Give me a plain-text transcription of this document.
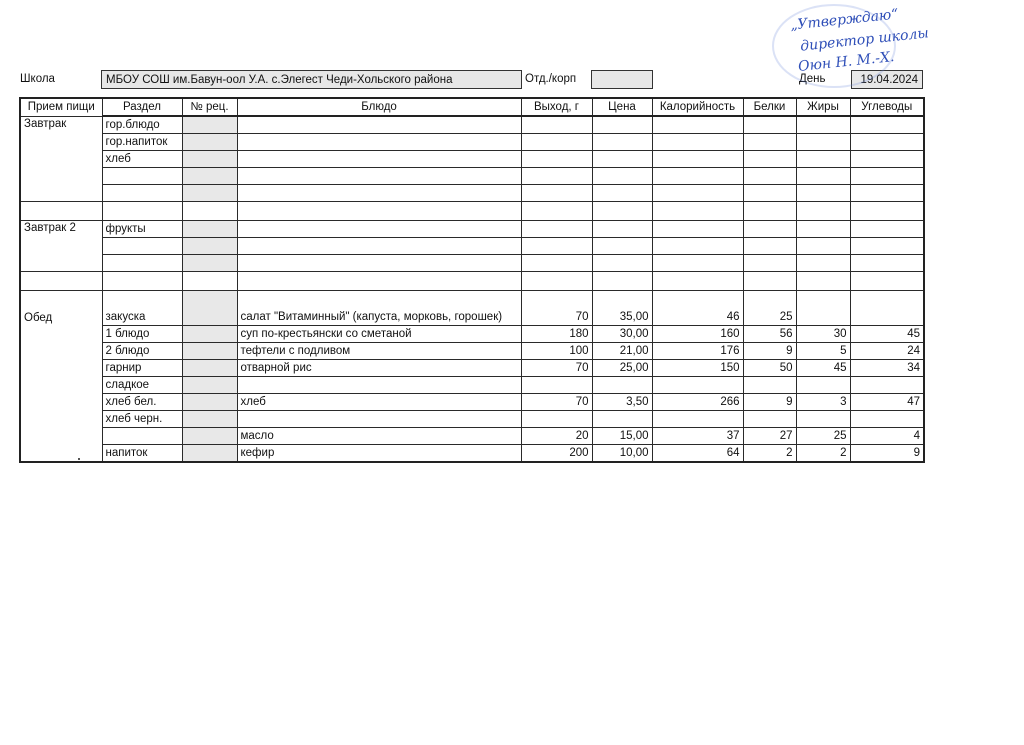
Школа	МБОУ СОШ им.Бавун-оол У.А. с.Элегест Чеди-Хольского района	Отд./корп	День	19.04.2024
„Утверждаю“
директор школы
Оюн Н. М.-Х.
Прием пищи	Раздел	№ рец.	Блюдо	Выход, г	Цена	Калорийность	Белки	Жиры	Углеводы
Завтрак	гор.блюдо								
	гор.напиток								
	хлеб								

Завтрак 2	фрукты								

Обед	закуска		салат "Витаминный" (капуста, морковь, горошек)	70	35,00	46	25		
	1 блюдо		суп по-крестьянски со сметаной	180	30,00	160	56	30	45
	2 блюдо		тефтели с подливом	100	21,00	176	9	5	24
	гарнир		отварной рис	70	25,00	150	50	45	34
	сладкое								
	хлеб бел.		хлеб	70	3,50	266	9	3	47
	хлеб черн.								
			масло	20	15,00	37	27	25	4
	напиток		кефир	200	10,00	64	2	2	9
